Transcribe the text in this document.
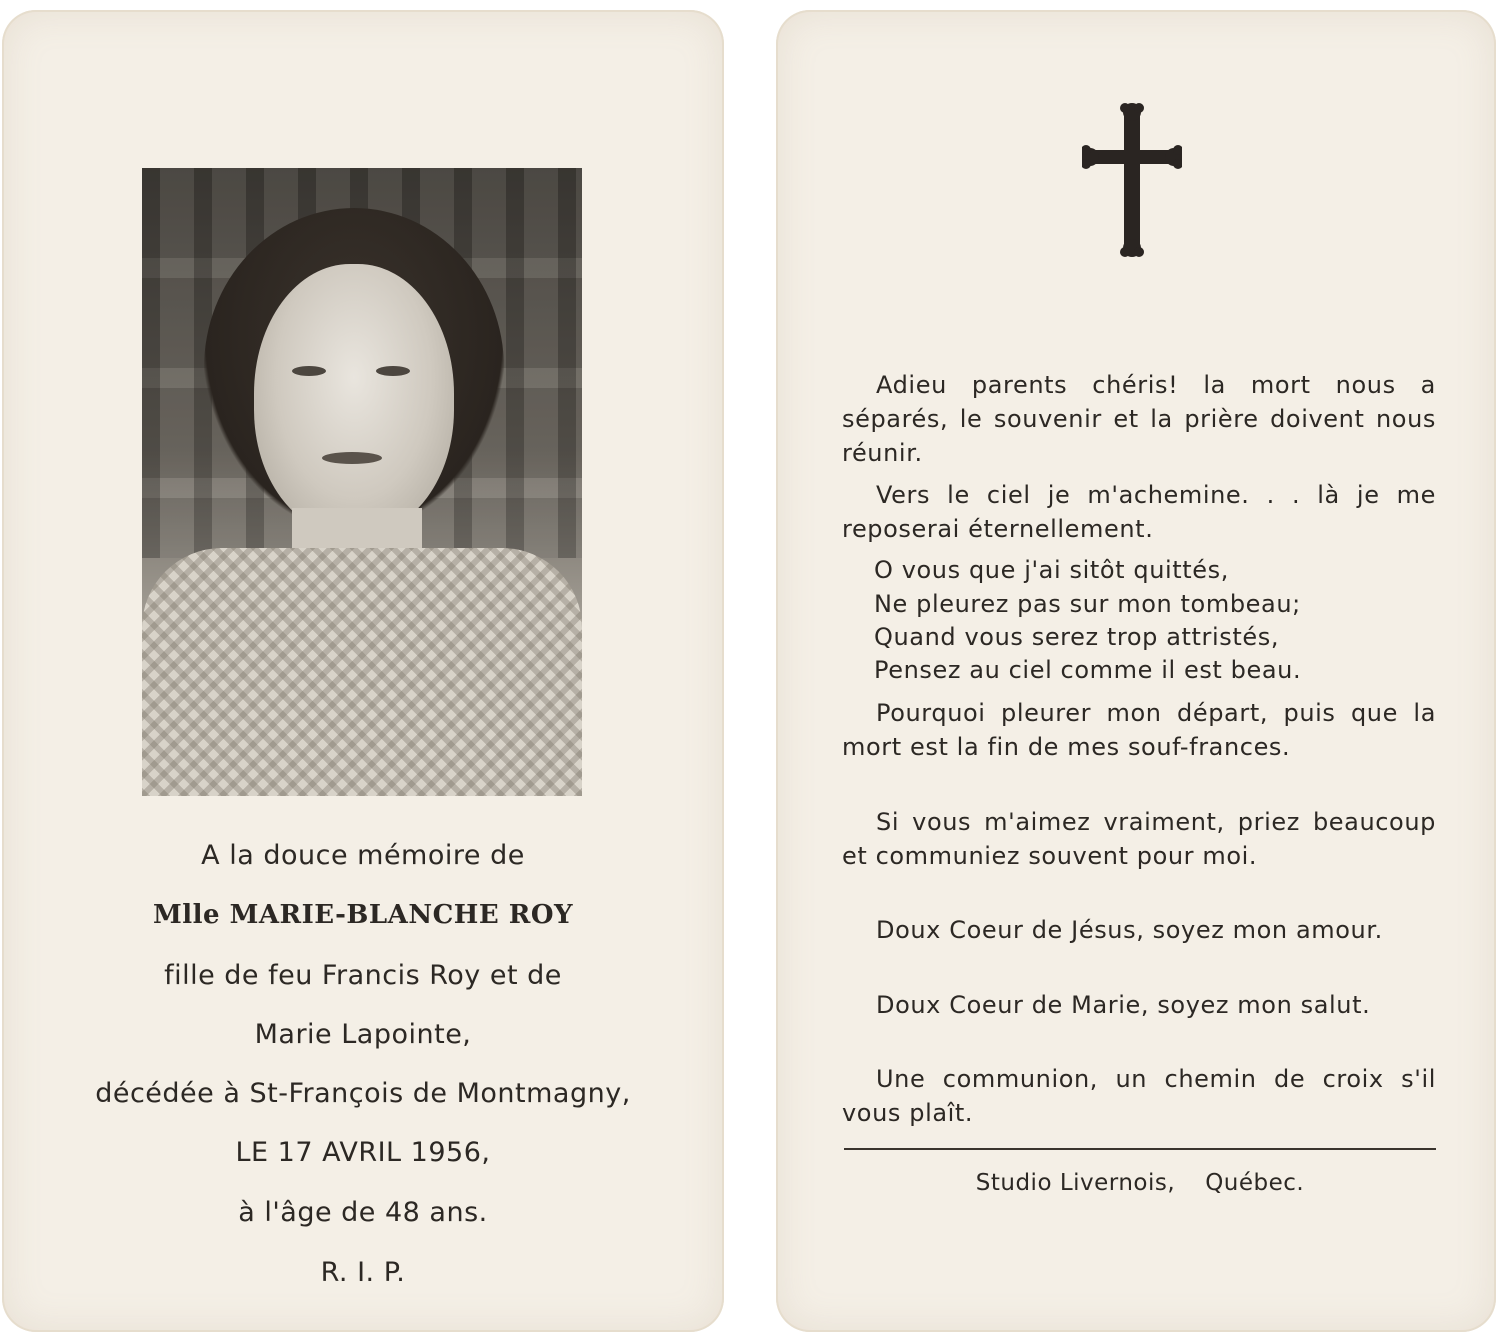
A la douce mémoire de
Mlle MARIE-BLANCHE ROY
fille de feu Francis Roy et de
Marie Lapointe,
décédée à St-François de Montmagny,
LE 17 AVRIL 1956,
à l'âge de 48 ans.
R. I. P.
Adieu parents chéris! la mort nous a séparés, le souvenir et la prière doivent nous réunir.
Vers le ciel je m'achemine. . . là je me reposerai éternellement.
O vous que j'ai sitôt quittés,
Ne pleurez pas sur mon tombeau;
Quand vous serez trop attristés,
Pensez au ciel comme il est beau.
Pourquoi pleurer mon départ, puis que la mort est la fin de mes souf-frances.
Si vous m'aimez vraiment, priez beaucoup et communiez souvent pour moi.
Doux Coeur de Jésus, soyez mon amour.
Doux Coeur de Marie, soyez mon salut.
Une communion, un chemin de croix s'il vous plaît.
Studio Livernois, Québec.
